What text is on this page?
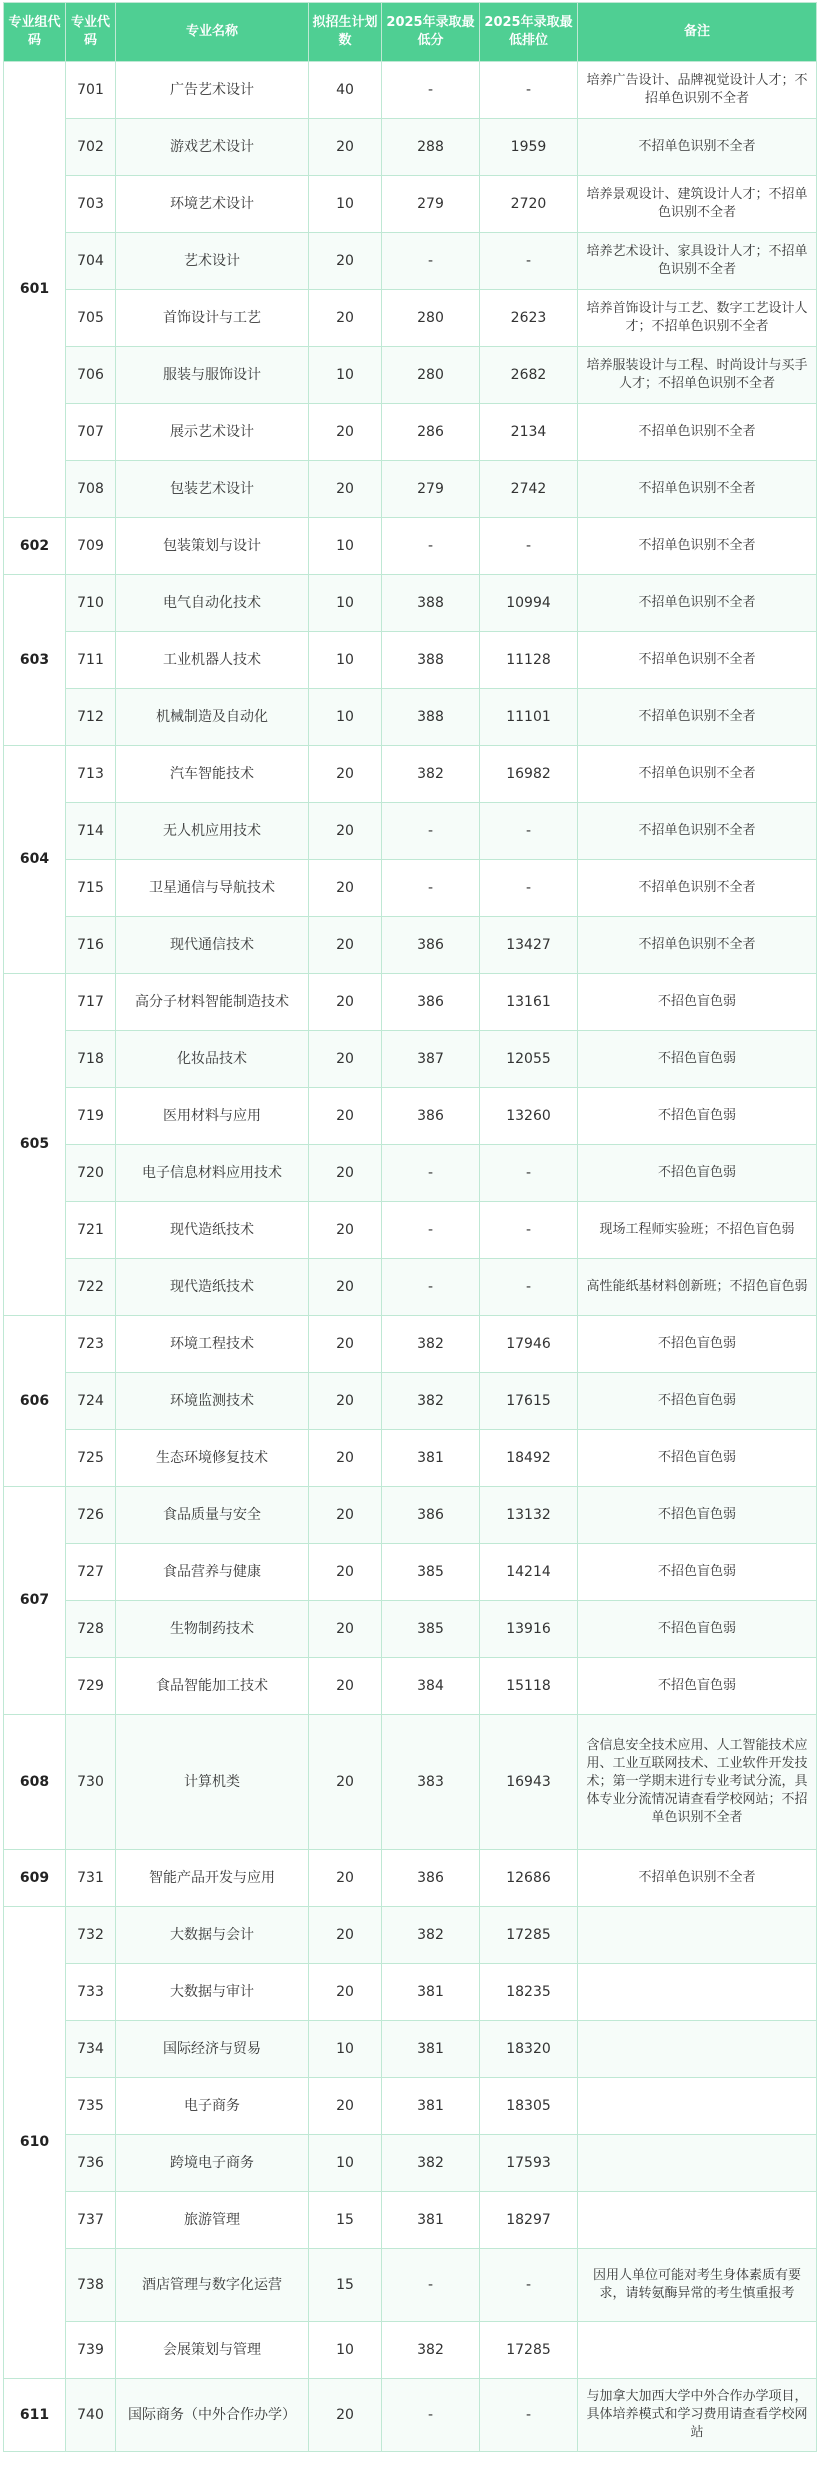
专业组代码	专业代码	专业名称	拟招生计划数	2025年录取最低分	2025年录取最低排位	备注
601	701	广告艺术设计	40	-	-	培养广告设计、品牌视觉设计人才；不招单色识别不全者
	702	游戏艺术设计	20	288	1959	不招单色识别不全者
	703	环境艺术设计	10	279	2720	培养景观设计、建筑设计人才；不招单色识别不全者
	704	艺术设计	20	-	-	培养艺术设计、家具设计人才；不招单色识别不全者
	705	首饰设计与工艺	20	280	2623	培养首饰设计与工艺、数字工艺设计人才；不招单色识别不全者
	706	服装与服饰设计	10	280	2682	培养服装设计与工程、时尚设计与买手人才；不招单色识别不全者
	707	展示艺术设计	20	286	2134	不招单色识别不全者
	708	包装艺术设计	20	279	2742	不招单色识别不全者
602	709	包装策划与设计	10	-	-	不招单色识别不全者
603	710	电气自动化技术	10	388	10994	不招单色识别不全者
	711	工业机器人技术	10	388	11128	不招单色识别不全者
	712	机械制造及自动化	10	388	11101	不招单色识别不全者
604	713	汽车智能技术	20	382	16982	不招单色识别不全者
	714	无人机应用技术	20	-	-	不招单色识别不全者
	715	卫星通信与导航技术	20	-	-	不招单色识别不全者
	716	现代通信技术	20	386	13427	不招单色识别不全者
605	717	高分子材料智能制造技术	20	386	13161	不招色盲色弱
	718	化妆品技术	20	387	12055	不招色盲色弱
	719	医用材料与应用	20	386	13260	不招色盲色弱
	720	电子信息材料应用技术	20	-	-	不招色盲色弱
	721	现代造纸技术	20	-	-	现场工程师实验班；不招色盲色弱
	722	现代造纸技术	20	-	-	高性能纸基材料创新班；不招色盲色弱
606	723	环境工程技术	20	382	17946	不招色盲色弱
	724	环境监测技术	20	382	17615	不招色盲色弱
	725	生态环境修复技术	20	381	18492	不招色盲色弱
607	726	食品质量与安全	20	386	13132	不招色盲色弱
	727	食品营养与健康	20	385	14214	不招色盲色弱
	728	生物制药技术	20	385	13916	不招色盲色弱
	729	食品智能加工技术	20	384	15118	不招色盲色弱
608	730	计算机类	20	383	16943	含信息安全技术应用、人工智能技术应用、工业互联网技术、工业软件开发技术；第一学期末进行专业考试分流，具体专业分流情况请查看学校网站；不招单色识别不全者
609	731	智能产品开发与应用	20	386	12686	不招单色识别不全者
610	732	大数据与会计	20	382	17285	
	733	大数据与审计	20	381	18235	
	734	国际经济与贸易	10	381	18320	
	735	电子商务	20	381	18305	
	736	跨境电子商务	10	382	17593	
	737	旅游管理	15	381	18297	
	738	酒店管理与数字化运营	15	-	-	因用人单位可能对考生身体素质有要求，请转氨酶异常的考生慎重报考
	739	会展策划与管理	10	382	17285	
611	740	国际商务（中外合作办学）	20	-	-	与加拿大加西大学中外合作办学项目，具体培养模式和学习费用请查看学校网站
